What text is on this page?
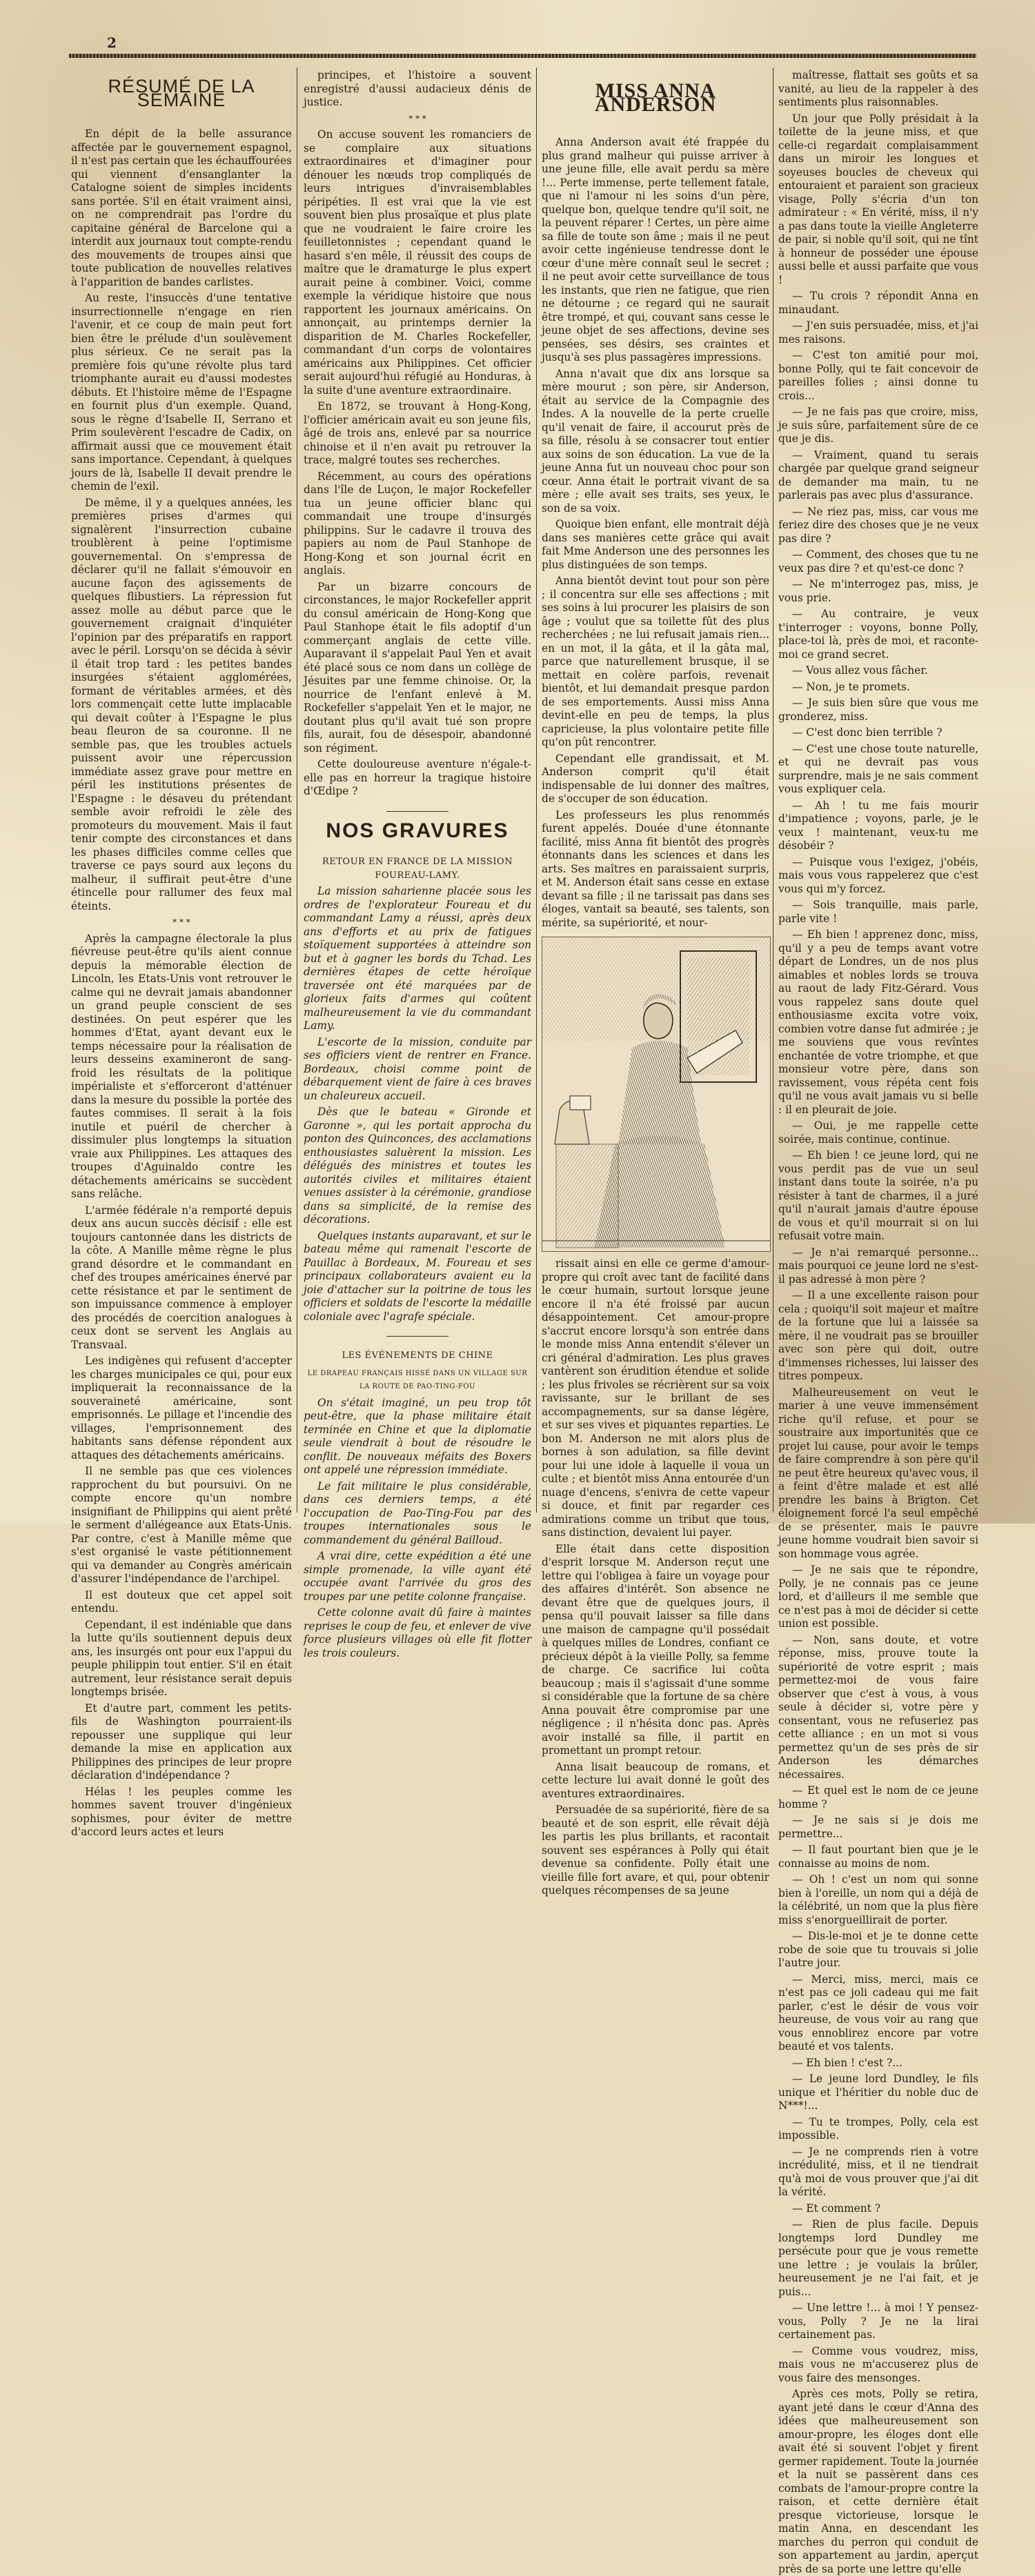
2
RÉSUMÉ DE LA SEMAINE

En dépit de la belle assurance affectée par le gouvernement espagnol, il n'est pas certain que les échauffourées qui viennent d'ensanglanter la Catalogne soient de simples incidents sans portée. S'il en était vraiment ainsi, on ne comprendrait pas l'ordre du capitaine général de Barcelone qui a interdit aux journaux tout compte-rendu des mouvements de troupes ainsi que toute publication de nouvelles relatives à l'apparition de bandes carlistes.

Au reste, l'insuccès d'une tentative insurrectionnelle n'engage en rien l'avenir, et ce coup de main peut fort bien être le prélude d'un soulèvement plus sérieux. Ce ne serait pas la première fois qu'une révolte plus tard triomphante aurait eu d'aussi modestes débuts. Et l'histoire même de l'Espagne en fournit plus d'un exemple. Quand, sous le règne d'Isabelle II, Serrano et Prim soulevèrent l'escadre de Cadix, on affirmait aussi que ce mouvement était sans importance. Cependant, à quelques jours de là, Isabelle II devait prendre le chemin de l'exil.

De même, il y a quelques années, les premières prises d'armes qui signalèrent l'insurrection cubaine troublèrent à peine l'optimisme gouvernemental. On s'empressa de déclarer qu'il ne fallait s'émouvoir en aucune façon des agissements de quelques flibustiers. La répression fut assez molle au début parce que le gouvernement craignait d'inquiéter l'opinion par des préparatifs en rapport avec le péril. Lorsqu'on se décida à sévir il était trop tard : les petites bandes insurgées s'étaient agglomérées, formant de véritables armées, et dès lors commençait cette lutte implacable qui devait coûter à l'Espagne le plus beau fleuron de sa couronne. Il ne semble pas, que les troubles actuels puissent avoir une répercussion immédiate assez grave pour mettre en péril les institutions présentes de l'Espagne : le désaveu du prétendant semble avoir refroidi le zèle des promoteurs du mouvement. Mais il faut tenir compte des circonstances et dans les phases difficiles comme celles que traverse ce pays sourd aux leçons du malheur, il suffirait peut-être d'une étincelle pour rallumer des feux mal éteints.

* * *

Après la campagne électorale la plus fiévreuse peut-être qu'ils aient connue depuis la mémorable élection de Lincoln, les Etats-Unis vont retrouver le calme qui ne devrait jamais abandonner un grand peuple conscient de ses destinées. On peut espérer que les hommes d'Etat, ayant devant eux le temps nécessaire pour la réalisation de leurs desseins examineront de sang-froid les résultats de la politique impérialiste et s'efforceront d'atténuer dans la mesure du possible la portée des fautes commises. Il serait à la fois inutile et puéril de chercher à dissimuler plus longtemps la situation vraie aux Philippines. Les attaques des troupes d'Aguinaldo contre les détachements américains se succèdent sans relâche.

L'armée fédérale n'a remporté depuis deux ans aucun succès décisif : elle est toujours cantonnée dans les districts de la côte. A Manille même règne le plus grand désordre et le commandant en chef des troupes américaines énervé par cette résistance et par le sentiment de son impuissance commence à employer des procédés de coercition analogues à ceux dont se servent les Anglais au Transvaal.

Les indigènes qui refusent d'accepter les charges municipales ce qui, pour eux impliquerait la reconnaissance de la souveraineté américaine, sont emprisonnés. Le pillage et l'incendie des villages, l'emprisonnement des habitants sans défense répondent aux attaques des détachements américains.

Il ne semble pas que ces violences rapprochent du but poursuivi. On ne compte encore qu'un nombre insignifiant de Philippins qui aient prêté le serment d'allégeance aux Etats-Unis. Par contre, c'est à Manille même que s'est organisé le vaste pétitionnement qui va demander au Congrès américain d'assurer l'indépendance de l'archipel.

Il est douteux que cet appel soit entendu.

Cependant, il est indéniable que dans la lutte qu'ils soutiennent depuis deux ans, les insurgés ont pour eux l'appui du peuple philippin tout entier. S'il en était autrement, leur résistance serait depuis longtemps brisée.

Et d'autre part, comment les petits-fils de Washington pourraient-ils repousser une supplique qui leur demande la mise en application aux Philippines des principes de leur propre déclaration d'indépendance ?

Hélas ! les peuples comme les hommes savent trouver d'ingénieux sophismes, pour éviter de mettre d'accord leurs actes et leurs

principes, et l'histoire a souvent enregistré d'aussi audacieux dénis de justice.

* * *

On accuse souvent les romanciers de se complaire aux situations extraordinaires et d'imaginer pour dénouer les nœuds trop compliqués de leurs intrigues d'invraisemblables péripéties. Il est vrai que la vie est souvent bien plus prosaïque et plus plate que ne voudraient le faire croire les feuilletonnistes ; cependant quand le hasard s'en mêle, il réussit des coups de maître que le dramaturge le plus expert aurait peine à combiner. Voici, comme exemple la véridique histoire que nous rapportent les journaux américains. On annonçait, au printemps dernier la disparition de M. Charles Rockefeller, commandant d'un corps de volontaires américains aux Philippines. Cet officier serait aujourd'hui réfugié au Honduras, à la suite d'une aventure extraordinaire.

En 1872, se trouvant à Hong-Kong, l'officier américain avait eu son jeune fils, âgé de trois ans, enlevé par sa nourrice chinoise et il n'en avait pu retrouver la trace, malgré toutes ses recherches.

Récemment, au cours des opérations dans l'île de Luçon, le major Rockefeller tua un jeune officier blanc qui commandait une troupe d'insurgés philippins. Sur le cadavre il trouva des papiers au nom de Paul Stanhope de Hong-Kong et son journal écrit en anglais.

Par un bizarre concours de circonstances, le major Rockefeller apprit du consul américain de Hong-Kong que Paul Stanhope était le fils adoptif d'un commerçant anglais de cette ville. Auparavant il s'appelait Paul Yen et avait été placé sous ce nom dans un collège de Jésuites par une femme chinoise. Or, la nourrice de l'enfant enlevé à M. Rockefeller s'appelait Yen et le major, ne doutant plus qu'il avait tué son propre fils, aurait, fou de désespoir, abandonné son régiment.

Cette douloureuse aventure n'égale-t-elle pas en horreur la tragique histoire d'Œdipe ?

NOS GRAVURES

RETOUR EN FRANCE DE LA MISSION FOUREAU-LAMY.

La mission saharienne placée sous les ordres de l'explorateur Foureau et du commandant Lamy a réussi, après deux ans d'efforts et au prix de fatigues stoïquement supportées à atteindre son but et à gagner les bords du Tchad. Les dernières étapes de cette héroïque traversée ont été marquées par de glorieux faits d'armes qui coûtent malheureusement la vie du commandant Lamy.

L'escorte de la mission, conduite par ses officiers vient de rentrer en France. Bordeaux, choisi comme point de débarquement vient de faire à ces braves un chaleureux accueil.

Dès que le bateau « Gironde et Garonne », qui les portait approcha du ponton des Quinconces, des acclamations enthousiastes saluèrent la mission. Les délégués des ministres et toutes les autorités civiles et militaires étaient venues assister à la cérémonie, grandiose dans sa simplicité, de la remise des décorations.

Quelques instants auparavant, et sur le bateau même qui ramenait l'escorte de Pauillac à Bordeaux, M. Foureau et ses principaux collaborateurs avaient eu la joie d'attacher sur la poitrine de tous les officiers et soldats de l'escorte la médaille coloniale avec l'agrafe spéciale.

LES ÉVÉNEMENTS DE CHINE

LE DRAPEAU FRANÇAIS HISSÉ DANS UN VILLAGE SUR LA ROUTE DE PAO-TING-FOU

On s'était imaginé, un peu trop tôt peut-être, que la phase militaire était terminée en Chine et que la diplomatie seule viendrait à bout de résoudre le conflit. De nouveaux méfaits des Boxers ont appelé une répression immédiate.

Le fait militaire le plus considérable, dans ces derniers temps, a été l'occupation de Pao-Ting-Fou par des troupes internationales sous le commandement du général Bailloud.

A vrai dire, cette expédition a été une simple promenade, la ville ayant été occupée avant l'arrivée du gros des troupes par une petite colonne française.

Cette colonne avait dû faire à maintes reprises le coup de feu, et enlever de vive force plusieurs villages où elle fit flotter les trois couleurs.

MISS ANNA ANDERSON

Anna Anderson avait été frappée du plus grand malheur qui puisse arriver à une jeune fille, elle avait perdu sa mère !... Perte immense, perte tellement fatale, que ni l'amour ni les soins d'un père, quelque bon, quelque tendre qu'il soit, ne la peuvent réparer ! Certes, un père aime sa fille de toute son âme ; mais il ne peut avoir cette ingénieuse tendresse dont le cœur d'une mère connaît seul le secret ; il ne peut avoir cette surveillance de tous les instants, que rien ne fatigue, que rien ne détourne ; ce regard qui ne saurait être trompé, et qui, couvant sans cesse le jeune objet de ses affections, devine ses pensées, ses désirs, ses craintes et jusqu'à ses plus passagères impressions.

Anna n'avait que dix ans lorsque sa mère mourut ; son père, sir Anderson, était au service de la Compagnie des Indes. A la nouvelle de la perte cruelle qu'il venait de faire, il accourut près de sa fille, résolu à se consacrer tout entier aux soins de son éducation. La vue de la jeune Anna fut un nouveau choc pour son cœur. Anna était le portrait vivant de sa mère ; elle avait ses traits, ses yeux, le son de sa voix.

Quoique bien enfant, elle montrait déjà dans ses manières cette grâce qui avait fait Mme Anderson une des personnes les plus distinguées de son temps.

Anna bientôt devint tout pour son père ; il concentra sur elle ses affections ; mit ses soins à lui procurer les plaisirs de son âge ; voulut que sa toilette fût des plus recherchées ; ne lui refusait jamais rien... en un mot, il la gâta, et il la gâta mal, parce que naturellement brusque, il se mettait en colère parfois, revenait bientôt, et lui demandait presque pardon de ses emportements. Aussi miss Anna devint-elle en peu de temps, la plus capricieuse, la plus volontaire petite fille qu'on pût rencontrer.

Cependant elle grandissait, et M. Anderson comprit qu'il était indispensable de lui donner des maîtres, de s'occuper de son éducation.

Les professeurs les plus renommés furent appelés. Douée d'une étonnante facilité, miss Anna fit bientôt des progrès étonnants dans les sciences et dans les arts. Ses maîtres en paraissaient surpris, et M. Anderson était sans cesse en extase devant sa fille ; il ne tarissait pas dans ses éloges, vantait sa beauté, ses talents, son mérite, sa supériorité, et nour-

rissait ainsi en elle ce germe d'amour-propre qui croît avec tant de facilité dans le cœur humain, surtout lorsque jeune encore il n'a été froissé par aucun désappointement. Cet amour-propre s'accrut encore lorsqu'à son entrée dans le monde miss Anna entendit s'élever un cri général d'admiration. Les plus graves vantèrent son érudition étendue et solide ; les plus frivoles se récrièrent sur sa voix ravissante, sur le brillant de ses accompagnements, sur sa danse légère, et sur ses vives et piquantes reparties. Le bon M. Anderson ne mit alors plus de bornes à son adulation, sa fille devint pour lui une idole à laquelle il voua un culte ; et bientôt miss Anna entourée d'un nuage d'encens, s'enivra de cette vapeur si douce, et finit par regarder ces admirations comme un tribut que tous, sans distinction, devaient lui payer.

Elle était dans cette disposition d'esprit lorsque M. Anderson reçut une lettre qui l'obligea à faire un voyage pour des affaires d'intérêt. Son absence ne devant être que de quelques jours, il pensa qu'il pouvait laisser sa fille dans une maison de campagne qu'il possédait à quelques milles de Londres, confiant ce précieux dépôt à la vieille Polly, sa femme de charge. Ce sacrifice lui coûta beaucoup ; mais il s'agissait d'une somme si considérable que la fortune de sa chère Anna pouvait être compromise par une négligence ; il n'hésita donc pas. Après avoir installé sa fille, il partit en promettant un prompt retour.

Anna lisait beaucoup de romans, et cette lecture lui avait donné le goût des aventures extraordinaires.

Persuadée de sa supériorité, fière de sa beauté et de son esprit, elle rêvait déjà les partis les plus brillants, et racontait souvent ses espérances à Polly qui était devenue sa confidente. Polly était une vieille fille fort avare, et qui, pour obtenir quelques récompenses de sa jeune

maîtresse, flattait ses goûts et sa vanité, au lieu de la rappeler à des sentiments plus raisonnables.

Un jour que Polly présidait à la toilette de la jeune miss, et que celle-ci regardait complaisamment dans un miroir les longues et soyeuses boucles de cheveux qui entouraient et paraient son gracieux visage, Polly s'écria d'un ton admirateur : « En vérité, miss, il n'y a pas dans toute la vieille Angleterre de pair, si noble qu'il soit, qui ne tînt à honneur de posséder une épouse aussi belle et aussi parfaite que vous !

— Tu crois ? répondit Anna en minaudant.

— J'en suis persuadée, miss, et j'ai mes raisons.

— C'est ton amitié pour moi, bonne Polly, qui te fait concevoir de pareilles folies ; ainsi donne tu crois...

— Je ne fais pas que croire, miss, je suis sûre, parfaitement sûre de ce que je dis.

— Vraiment, quand tu serais chargée par quelque grand seigneur de demander ma main, tu ne parlerais pas avec plus d'assurance.

— Ne riez pas, miss, car vous me feriez dire des choses que je ne veux pas dire ?

— Comment, des choses que tu ne veux pas dire ? et qu'est-ce donc ?

— Ne m'interrogez pas, miss, je vous prie.

— Au contraire, je veux t'interroger : voyons, bonne Polly, place-toi là, près de moi, et raconte-moi ce grand secret.

— Vous allez vous fâcher.

— Non, je te promets.

— Je suis bien sûre que vous me gronderez, miss.

— C'est donc bien terrible ?

— C'est une chose toute naturelle, et qui ne devrait pas vous surprendre, mais je ne sais comment vous expliquer cela.

— Ah ! tu me fais mourir d'impatience ; voyons, parle, je le veux ! maintenant, veux-tu me désobéir ?

— Puisque vous l'exigez, j'obéis, mais vous vous rappelerez que c'est vous qui m'y forcez.

— Sois tranquille, mais parle, parle vite !

— Eh bien ! apprenez donc, miss, qu'il y a peu de temps avant votre départ de Londres, un de nos plus aimables et nobles lords se trouva au raout de lady Fitz-Gérard. Vous vous rappelez sans doute quel enthousiasme excita votre voix, combien votre danse fut admirée ; je me souviens que vous revîntes enchantée de votre triomphe, et que monsieur votre père, dans son ravissement, vous répéta cent fois qu'il ne vous avait jamais vu si belle : il en pleurait de joie.

— Oui, je me rappelle cette soirée, mais continue, continue.

— Eh bien ! ce jeune lord, qui ne vous perdit pas de vue un seul instant dans toute la soirée, n'a pu résister à tant de charmes, il a juré qu'il n'aurait jamais d'autre épouse de vous et qu'il mourrait si on lui refusait votre main.

— Je n'ai remarqué personne... mais pourquoi ce jeune lord ne s'est-il pas adressé à mon père ?

— Il a une excellente raison pour cela ; quoiqu'il soit majeur et maître de la fortune que lui a laissée sa mère, il ne voudrait pas se brouiller avec son père qui doit, outre d'immenses richesses, lui laisser des titres pompeux.

Malheureusement on veut le marier à une veuve immensément riche qu'il refuse, et pour se soustraire aux importunités que ce projet lui cause, pour avoir le temps de faire comprendre à son père qu'il ne peut être heureux qu'avec vous, il a feint d'être malade et est allé prendre les bains à Brigton. Cet éloignement forcé l'a seul empêché de se présenter, mais le pauvre jeune homme voudrait bien savoir si son hommage vous agrée.

— Je ne sais que te répondre, Polly, je ne connais pas ce jeune lord, et d'ailleurs il me semble que ce n'est pas à moi de décider si cette union est possible.

— Non, sans doute, et votre réponse, miss, prouve toute la supériorité de votre esprit ; mais permettez-moi de vous faire observer que c'est à vous, à vous seule à décider si, votre père y consentant, vous ne refuseriez pas cette alliance ; en un mot si vous permettez qu'un de ses près de sir Anderson les démarches nécessaires.

— Et quel est le nom de ce jeune homme ?

— Je ne sais si je dois me permettre...

— Il faut pourtant bien que je le connaisse au moins de nom.

— Oh ! c'est un nom qui sonne bien à l'oreille, un nom qui a déjà de la célébrité, un nom que la plus fière miss s'enorgueillirait de porter.

— Dis-le-moi et je te donne cette robe de soie que tu trouvais si jolie l'autre jour.

— Merci, miss, merci, mais ce n'est pas ce joli cadeau qui me fait parler, c'est le désir de vous voir heureuse, de vous voir au rang que vous ennoblirez encore par votre beauté et vos talents.

— Eh bien ! c'est ?...

— Le jeune lord Dundley, le fils unique et l'héritier du noble duc de N***!...

— Tu te trompes, Polly, cela est impossible.

— Je ne comprends rien à votre incrédulité, miss, et il ne tiendrait qu'à moi de vous prouver que j'ai dit la vérité.

— Et comment ?

— Rien de plus facile. Depuis longtemps lord Dundley me persécute pour que je vous remette une lettre ; je voulais la brûler, heureusement je ne l'ai fait, et je puis...

— Une lettre !... à moi ! Y pensez-vous, Polly ? Je ne la lirai certainement pas.

— Comme vous voudrez, miss, mais vous ne m'accuserez plus de vous faire des mensonges.

Après ces mots, Polly se retira, ayant jeté dans le cœur d'Anna des idées que malheureusement son amour-propre, les éloges dont elle avait été si souvent l'objet y firent germer rapidement. Toute la journée et la nuit se passèrent dans ces combats de l'amour-propre contre la raison, et cette dernière était presque victorieuse, lorsque le matin Anna, en descendant les marches du perron qui conduit de son appartement au jardin, aperçut près de sa porte une lettre qu'elle
